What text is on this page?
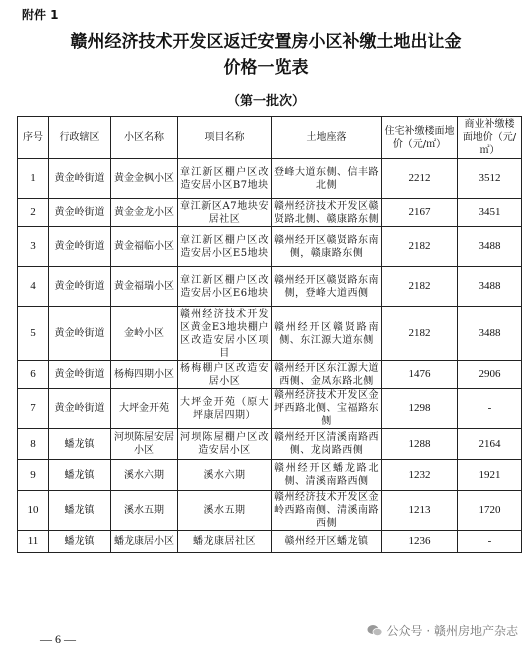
附件 1
赣州经济技术开发区返迁安置房小区补缴土地出让金
价格一览表
（第一批次）
序号	行政辖区	小区名称	项目名称	土地座落	住宅补缴楼面地价（元/㎡）	商业补缴楼面地价（元/㎡）
1	黄金岭街道	黄金金枫小区	章江新区棚户区改造安居小区B7地块	登峰大道东侧、信丰路北侧	2212	3512
2	黄金岭街道	黄金金龙小区	章江新区A7地块安居社区	赣州经济技术开发区赣贤路北侧、赣康路东侧	2167	3451
3	黄金岭街道	黄金福临小区	章江新区棚户区改造安居小区E5地块	赣州经开区赣贤路东南侧，赣康路东侧	2182	3488
4	黄金岭街道	黄金福瑞小区	章江新区棚户区改造安居小区E6地块	赣州经开区赣贤路东南侧，登峰大道西侧	2182	3488
5	黄金岭街道	金岭小区	赣州经济技术开发区黄金E3地块棚户区改造安居小区项目	赣州经开区赣贤路南侧、东江源大道东侧	2182	3488
6	黄金岭街道	杨梅四期小区	杨梅棚户区改造安居小区	赣州经开区东江源大道西侧、金凤东路北侧	1476	2906
7	黄金岭街道	大坪金开苑	大坪金开苑（原大坪康居四期）	赣州经济技术开发区金坪西路北侧、宝福路东侧	1298	-
8	蟠龙镇	河坝陈屋安居小区	河坝陈屋棚户区改造安居小区	赣州经开区清溪南路西侧、龙岗路西侧	1288	2164
9	蟠龙镇	溪水六期	溪水六期	赣州经开区蟠龙路北侧、清溪南路西侧	1232	1921
10	蟠龙镇	溪水五期	溪水五期	赣州经济技术开发区金岭西路南侧、清溪南路西侧	1213	1720
11	蟠龙镇	蟠龙康居小区	蟠龙康居社区	赣州经开区蟠龙镇	1236	-
— 6 —
公众号 · 赣州房地产杂志
